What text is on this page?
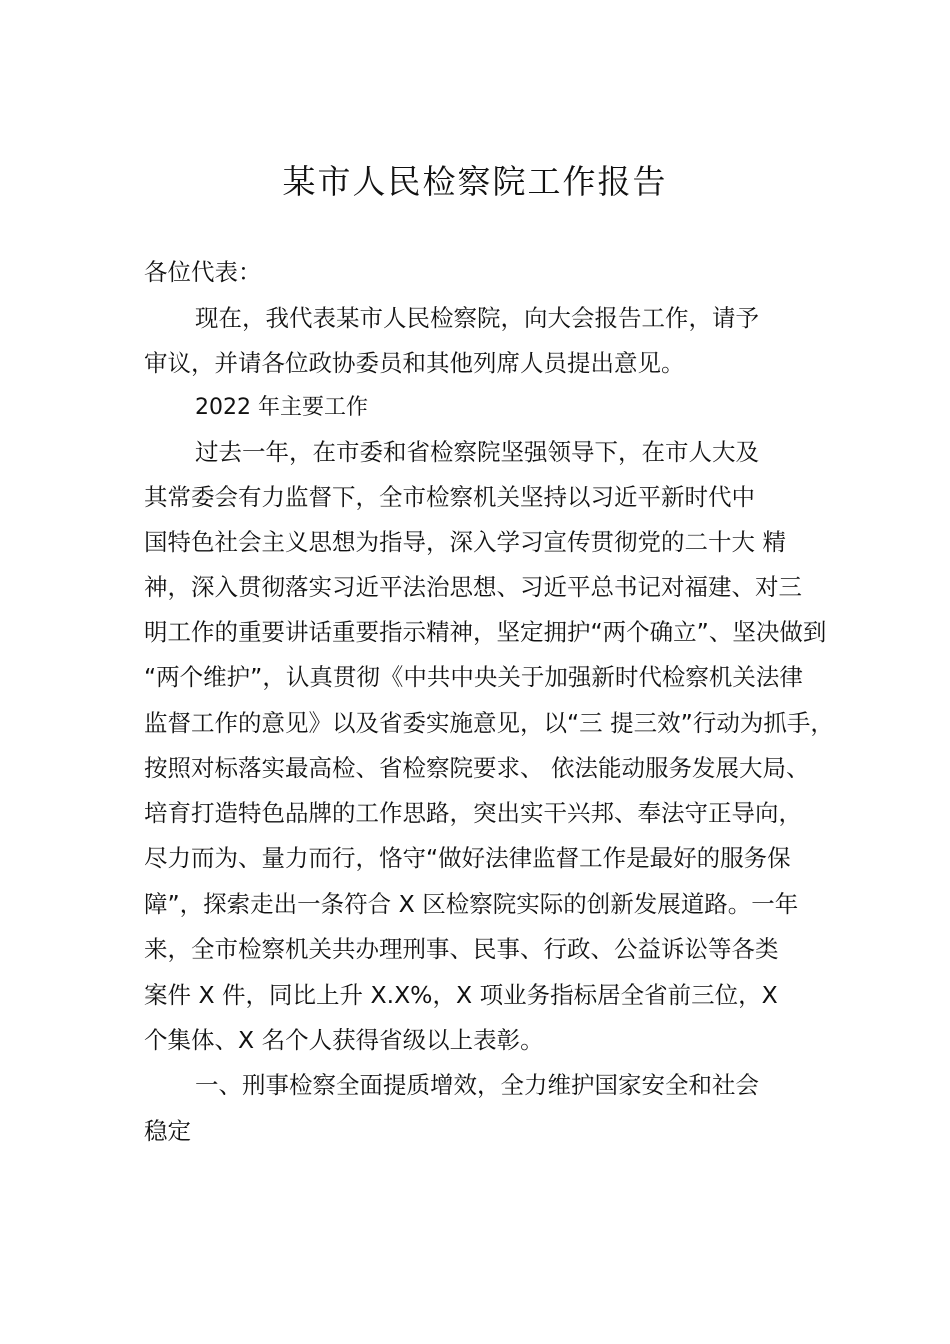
某市人民检察院工作报告
各位代表：
现在，我代表某市人民检察院，向大会报告工作，请予
审议，并请各位政协委员和其他列席人员提出意见。
2022 年主要工作
过去一年，在市委和省检察院坚强领导下，在市人大及
其常委会有力监督下，全市检察机关坚持以习近平新时代中
国特色社会主义思想为指导，深入学习宣传贯彻党的二十大 精
神，深入贯彻落实习近平法治思想、习近平总书记对福建、对三
明工作的重要讲话重要指示精神，坚定拥护“两个确立”、坚决做到
“两个维护”，认真贯彻《中共中央关于加强新时代检察机关法律
监督工作的意见》以及省委实施意见，以“三 提三效”行动为抓手，
按照对标落实最高检、省检察院要求、 依法能动服务发展大局、
培育打造特色品牌的工作思路，突出实干兴邦、奉法守正导向，
尽力而为、量力而行，恪守“做好法律监督工作是最好的服务保
障”，探索走出一条符合 X 区检察院实际的创新发展道路。一年
来，全市检察机关共办理刑事、民事、行政、公益诉讼等各类
案件 X 件，同比上升 X.X%，X 项业务指标居全省前三位，X
个集体、X 名个人获得省级以上表彰。
一、刑事检察全面提质增效，全力维护国家安全和社会
稳定
